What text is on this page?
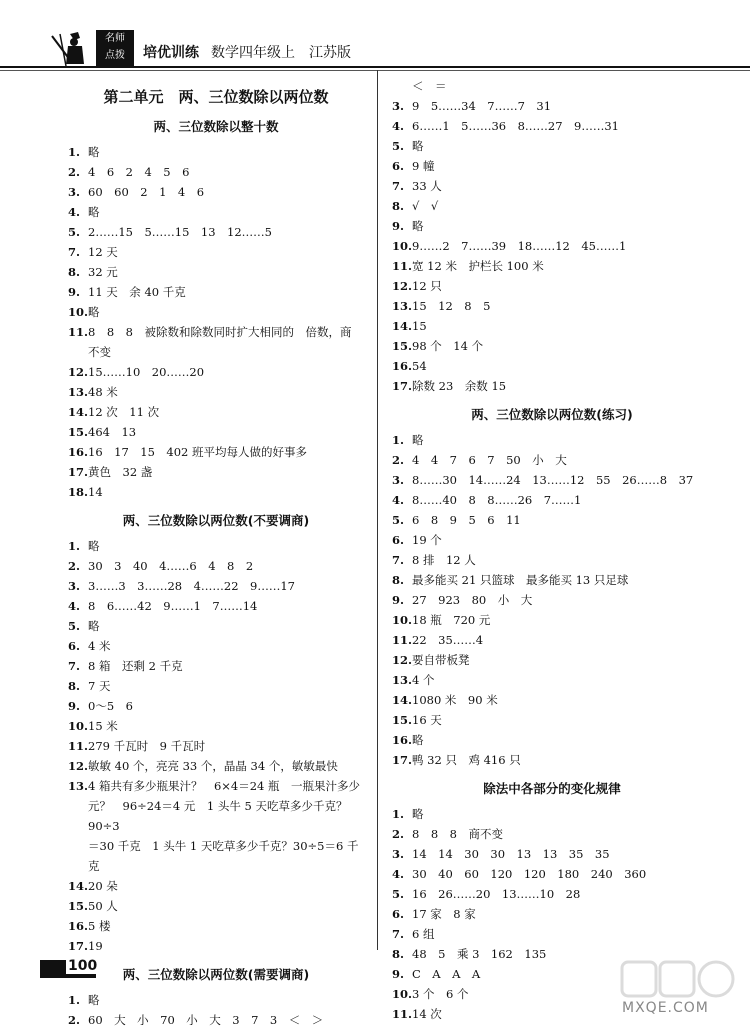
名师
点拨	培优训练 数学四年级上 江苏版
第二单元　两、三位数除以两位数
两、三位数除以整十数
1. 略
2. 4　6　2　4　5　6
3. 60　60　2　1　4　6
4. 略
5. 2……15　5……15　13　12……5
7. 12 天
8. 32 元
9. 11 天　余 40 千克
10. 略
11. 8　8　8　被除数和除数同时扩大相同的　倍数，商
不变
12. 15……10　20……20
13. 48 米
14. 12 次　11 次
15. 464　13
16. 16　17　15　402 班平均每人做的好事多
17. 黄色　32 盏
18. 14
两、三位数除以两位数(不要调商)
1. 略
2. 30　3　40　4……6　4　8　2
3. 3……3　3……28　4……22　9……17
4. 8　6……42　9……1　7……14
5. 略
6. 4 米
7. 8 箱　还剩 2 千克
8. 7 天
9. 0～5　6
10. 15 米
11. 279 千瓦时　9 千瓦时
12. 敏敏 40 个，亮亮 33 个，晶晶 34 个，敏敏最快
13. 4 箱共有多少瓶果汁？　6×4＝24 瓶　一瓶果汁多少
元？　96÷24＝4 元　1 头牛 5 天吃草多少千克？90÷3
＝30 千克　1 头牛 1 天吃草多少千克？30÷5＝6 千克
14. 20 朵
15. 50 人
16. 5 楼
17. 19
两、三位数除以两位数(需要调商)
1. 略
2. 60　大　小　70　小　大　3　7　3　＜　＞
＜　＝
3. 9　5……34　7……7　31
4. 6……1　5……36　8……27　9……31
5. 略
6. 9 幢
7. 33 人
8. √　√
9. 略
10. 9……2　7……39　18……12　45……1
11. 宽 12 米　护栏长 100 米
12. 12 只
13. 15　12　8　5
14. 15
15. 98 个　14 个
16. 54
17. 除数 23　余数 15
两、三位数除以两位数(练习)
1. 略
2. 4　4　7　6　7　50　小　大
3. 8……30　14……24　13……12　55　26……8　37
4. 8……40　8　8……26　7……1
5. 6　8　9　5　6　11
6. 19 个
7. 8 排　12 人
8. 最多能买 21 只篮球　最多能买 13 只足球
9. 27　923　80　小　大
10. 18 瓶　720 元
11. 22　35……4
12. 要自带板凳
13. 4 个
14. 1080 米　90 米
15. 16 天
16. 略
17. 鸭 32 只　鸡 416 只
除法中各部分的变化规律
1. 略
2. 8　8　8　商不变
3. 14　14　30　30　13　13　35　35
4. 30　40　60　120　120　180　240　360
5. 16　26……20　13……10　28
6. 17 家　8 家
7. 6 组
8. 48　5　乘 3　162　135
9. C　A　A　A
10. 3 个　6 个
11. 14 次
100
MXQE.COM
